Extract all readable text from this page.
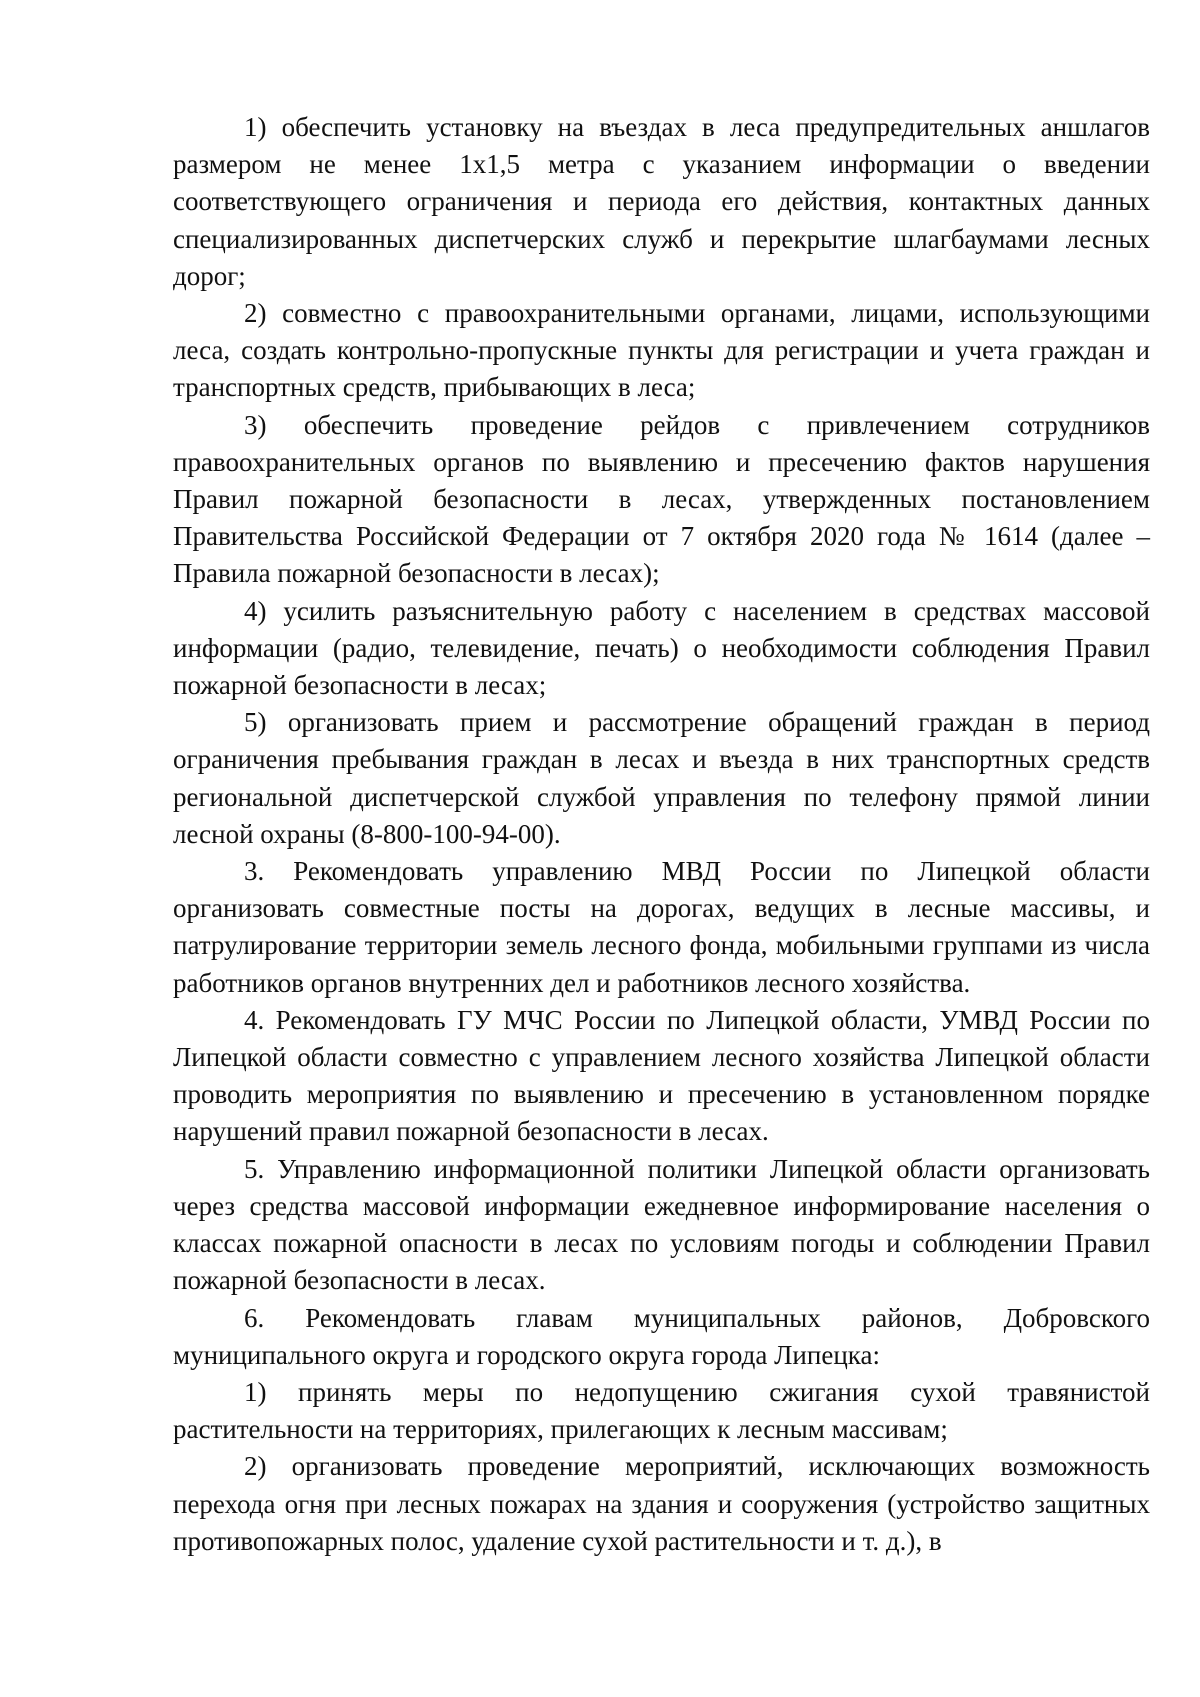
1) обеспечить установку на въездах в леса предупредительных аншлагов размером не менее 1х1,5 метра с указанием информации о введении соответствующего ограничения и периода его действия, контактных данных специализированных диспетчерских служб и перекрытие шлагбаумами лесных дорог;

2) совместно с правоохранительными органами, лицами, использующими леса, создать контрольно-пропускные пункты для регистрации и учета граждан и транспортных средств, прибывающих в леса;

3) обеспечить проведение рейдов с привлечением сотрудников правоохранительных органов по выявлению и пресечению фактов нарушения Правил пожарной безопасности в лесах, утвержденных постановлением Правительства Российской Федерации от 7 октября 2020 года № 1614 (далее – Правила пожарной безопасности в лесах);

4) усилить разъяснительную работу с населением в средствах массовой информации (радио, телевидение, печать) о необходимости соблюдения Правил пожарной безопасности в лесах;

5) организовать прием и рассмотрение обращений граждан в период ограничения пребывания граждан в лесах и въезда в них транспортных средств региональной диспетчерской службой управления по телефону прямой линии лесной охраны (8-800-100-94-00).

3. Рекомендовать управлению МВД России по Липецкой области организовать совместные посты на дорогах, ведущих в лесные массивы, и патрулирование территории земель лесного фонда, мобильными группами из числа работников органов внутренних дел и работников лесного хозяйства.

4. Рекомендовать ГУ МЧС России по Липецкой области, УМВД России по Липецкой области совместно с управлением лесного хозяйства Липецкой области проводить мероприятия по выявлению и пресечению в установленном порядке нарушений правил пожарной безопасности в лесах.

5. Управлению информационной политики Липецкой области организовать через средства массовой информации ежедневное информирование населения о классах пожарной опасности в лесах по условиям погоды и соблюдении Правил пожарной безопасности в лесах.

6. Рекомендовать главам муниципальных районов, Добровского муниципального округа и городского округа города Липецка:

1) принять меры по недопущению сжигания сухой травянистой растительности на территориях, прилегающих к лесным массивам;

2) организовать проведение мероприятий, исключающих возможность перехода огня при лесных пожарах на здания и сооружения (устройство защитных противопожарных полос, удаление сухой растительности и т. д.), в
